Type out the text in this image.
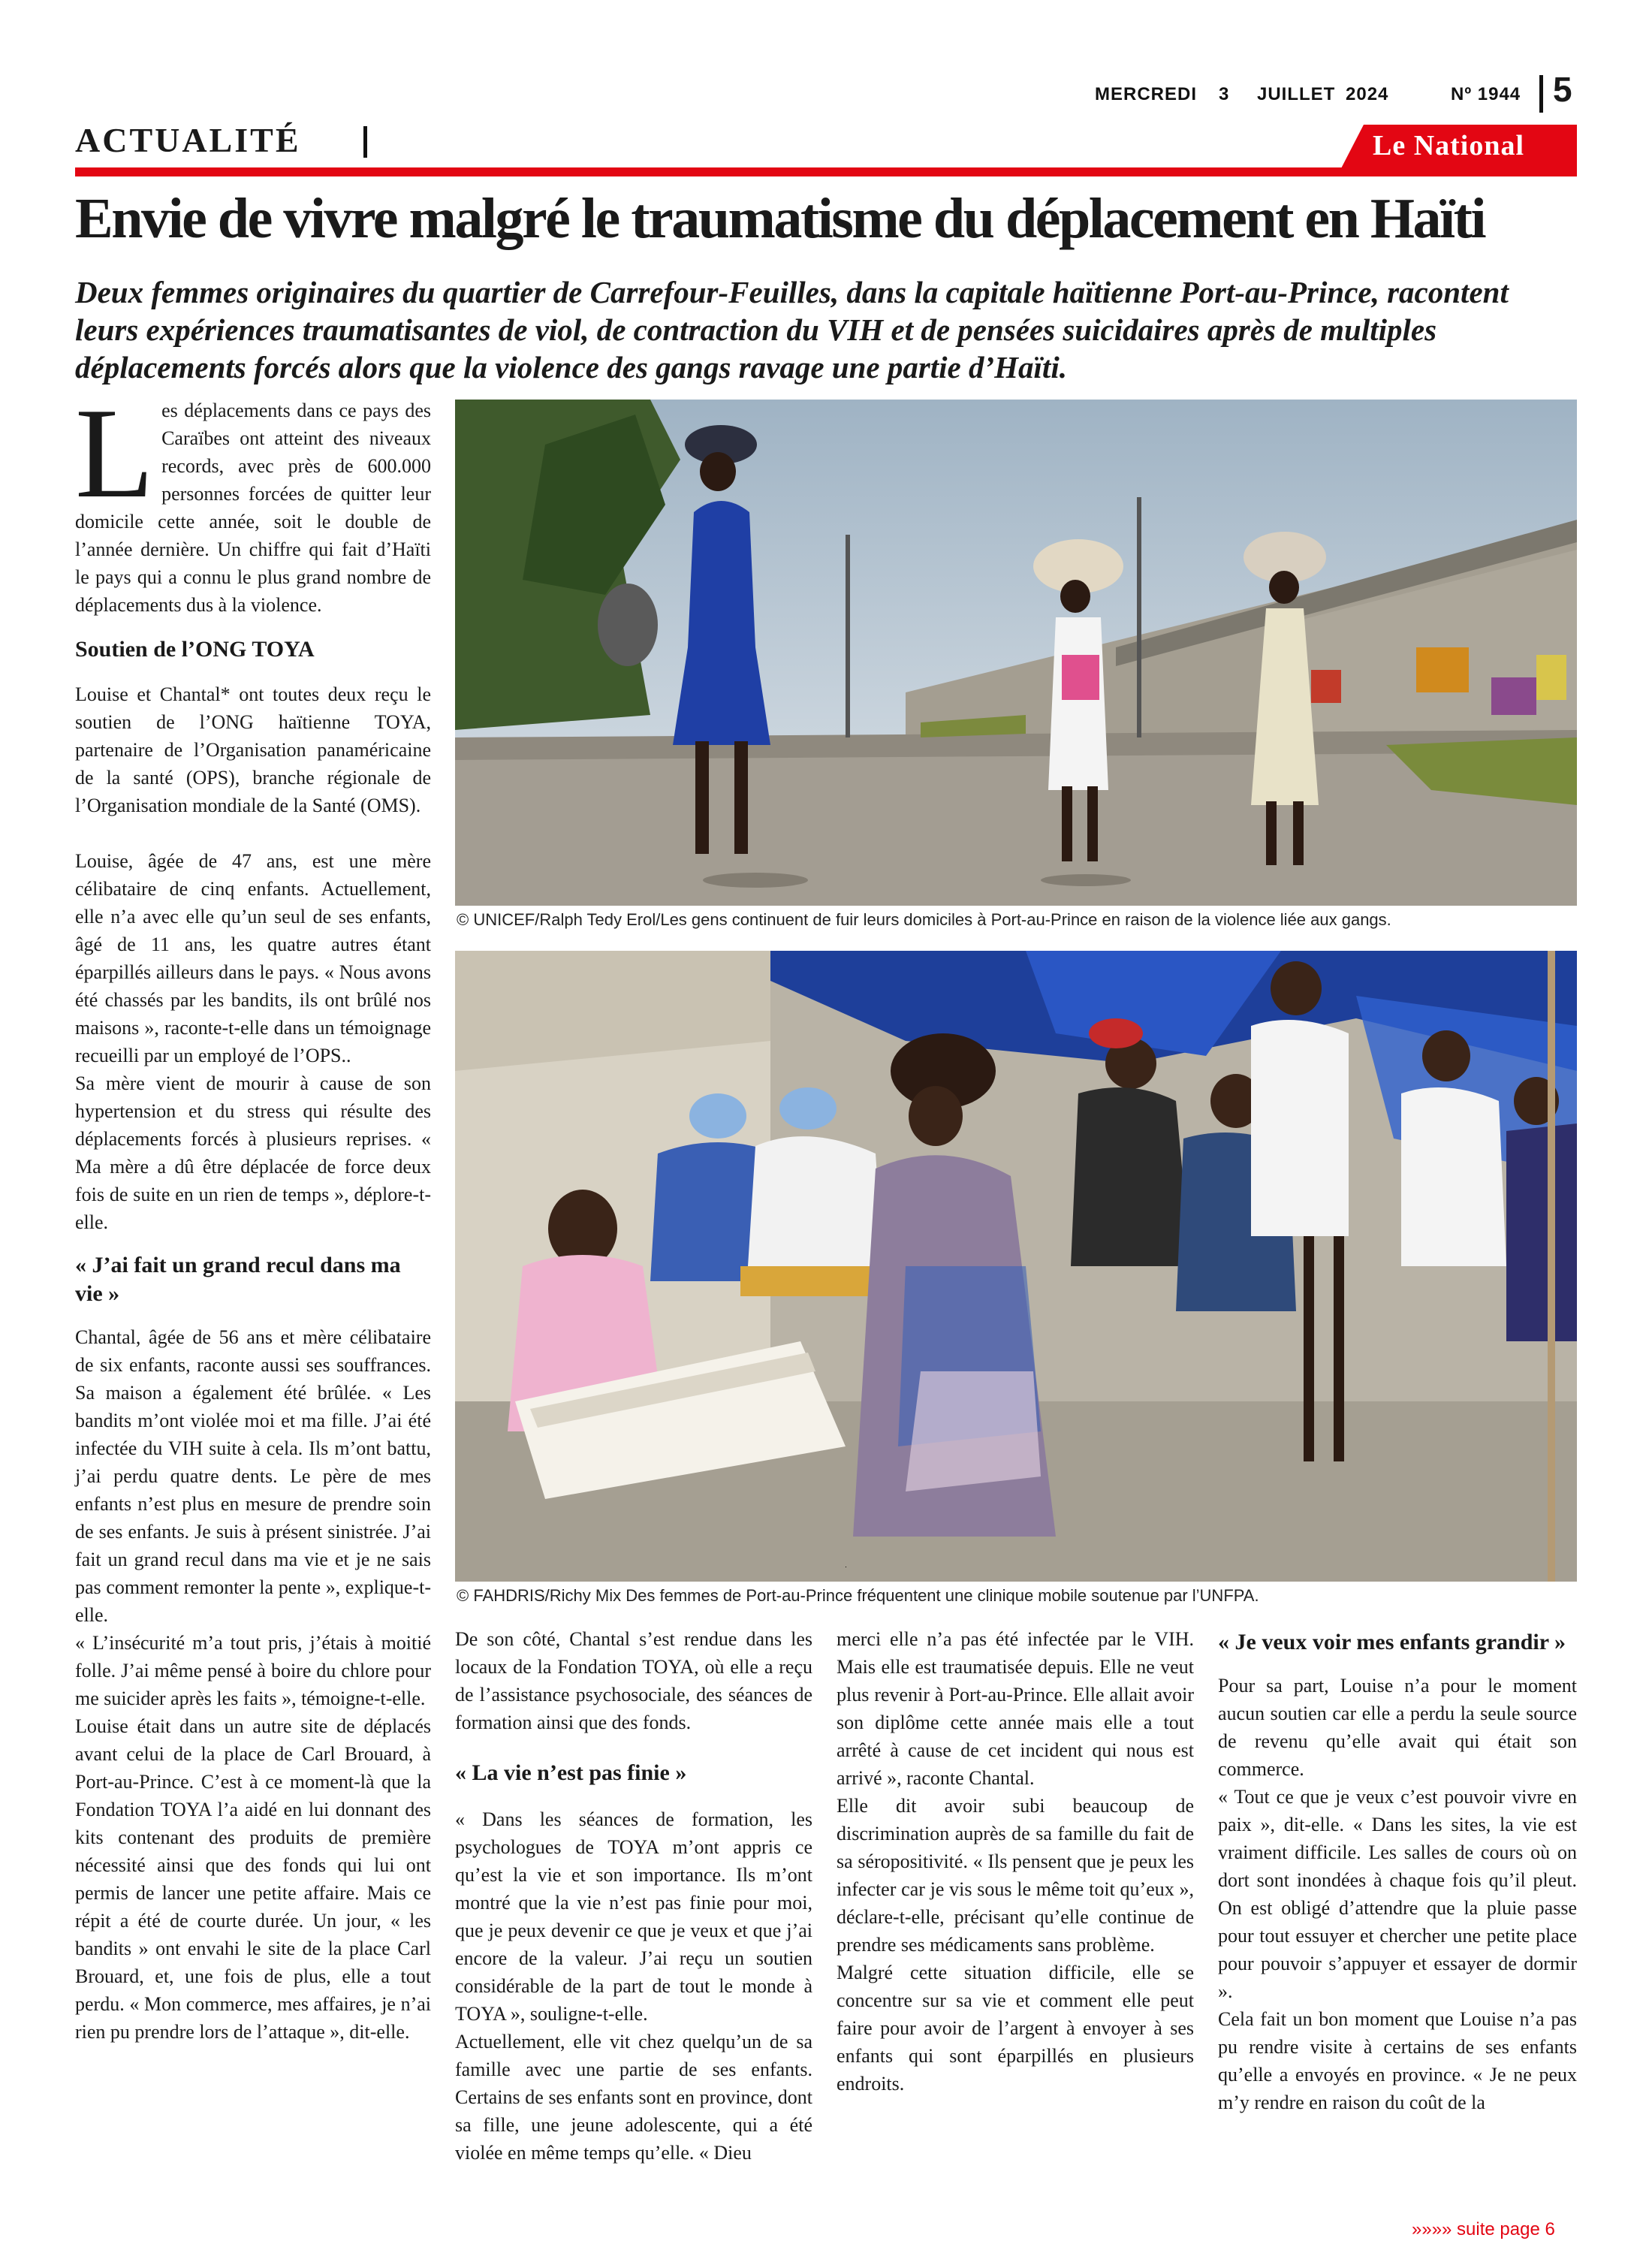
MERCREDI 3 JUILLET 2024	Nº 1944 5
ACTUALITÉ	Le National
Envie de vivre malgré le traumatisme du déplacement en Haïti
Deux femmes originaires du quartier de Carrefour-Feuilles, dans la capitale haïtienne Port-au-Prince, racontent leurs expériences traumatisantes de viol, de contraction du VIH et de pensées suicidaires après de multiples déplacements forcés alors que la violence des gangs ravage une partie d’Haïti.
L es déplacements dans ce pays des Caraïbes ont atteint des niveaux records, avec près de 600.000 personnes forcées de quitter leur domicile cette année, soit le double de l’année dernière. Un chiffre qui fait d’Haïti le pays qui a connu le plus grand nombre de déplacements dus à la violence.

Soutien de l’ONG TOYA

Louise et Chantal* ont toutes deux reçu le soutien de l’ONG haïtienne TOYA, partenaire de l’Organisation panaméricaine de la santé (OPS), branche régionale de l’Organisation mondiale de la Santé (OMS).

Louise, âgée de 47 ans, est une mère célibataire de cinq enfants. Actuellement, elle n’a avec elle qu’un seul de ses enfants, âgé de 11 ans, les quatre autres étant éparpillés ailleurs dans le pays. « Nous avons été chassés par les bandits, ils ont brûlé nos maisons », raconte-t-elle dans un témoignage recueilli par un employé de l’OPS..

Sa mère vient de mourir à cause de son hypertension et du stress qui résulte des déplacements forcés à plusieurs reprises. « Ma mère a dû être déplacée de force deux fois de suite en un rien de temps », déplore-t-elle.

« J’ai fait un grand recul dans ma vie »

Chantal, âgée de 56 ans et mère célibataire de six enfants, raconte aussi ses souffrances. Sa maison a également été brûlée. « Les bandits m’ont violée moi et ma fille. J’ai été infectée du VIH suite à cela. Ils m’ont battu, j’ai perdu quatre dents. Le père de mes enfants n’est plus en mesure de prendre soin de ses enfants. Je suis à présent sinistrée. J’ai fait un grand recul dans ma vie et je ne sais pas comment remonter la pente », explique-t-elle.

« L’insécurité m’a tout pris, j’étais à moitié folle. J’ai même pensé à boire du chlore pour me suicider après les faits », témoigne-t-elle.

Louise était dans un autre site de déplacés avant celui de la place de Carl Brouard, à Port-au-Prince. C’est à ce moment-là que la Fondation TOYA l’a aidé en lui donnant des kits contenant des produits de première nécessité ainsi que des fonds qui lui ont permis de lancer une petite affaire. Mais ce répit a été de courte durée. Un jour, « les bandits » ont envahi le site de la place Carl Brouard, et, une fois de plus, elle a tout perdu. « Mon commerce, mes affaires, je n’ai rien pu prendre lors de l’attaque », dit-elle.

© UNICEF/Ralph Tedy Erol/Les gens continuent de fuir leurs domiciles à Port-au-Prince en raison de la violence liée aux gangs.
© FAHDRIS/Richy Mix Des femmes de Port-au-Prince fréquentent une clinique mobile soutenue par l’UNFPA.

De son côté, Chantal s’est rendue dans les locaux de la Fondation TOYA, où elle a reçu de l’assistance psychosociale, des séances de formation ainsi que des fonds.

« La vie n’est pas finie »

« Dans les séances de formation, les psychologues de TOYA m’ont appris ce qu’est la vie et son importance. Ils m’ont montré que la vie n’est pas finie pour moi, que je peux devenir ce que je veux et que j’ai encore de la valeur. J’ai reçu un soutien considérable de la part de tout le monde à TOYA », souligne-t-elle.

Actuellement, elle vit chez quelqu’un de sa famille avec une partie de ses enfants. Certains de ses enfants sont en province, dont sa fille, une jeune adolescente, qui a été violée en même temps qu’elle. « Dieu

merci elle n’a pas été infectée par le VIH. Mais elle est traumatisée depuis. Elle ne veut plus revenir à Port-au-Prince. Elle allait avoir son diplôme cette année mais elle a tout arrêté à cause de cet incident qui nous est arrivé », raconte Chantal.

Elle dit avoir subi beaucoup de discrimination auprès de sa famille du fait de sa séropositivité. « Ils pensent que je peux les infecter car je vis sous le même toit qu’eux », déclare-t-elle, précisant qu’elle continue de prendre ses médicaments sans problème.

Malgré cette situation difficile, elle se concentre sur sa vie et comment elle peut faire pour avoir de l’argent à envoyer à ses enfants qui sont éparpillés en plusieurs endroits.

« Je veux voir mes enfants grandir »

Pour sa part, Louise n’a pour le moment aucun soutien car elle a perdu la seule source de revenu qu’elle avait qui était son commerce.

« Tout ce que je veux c’est pouvoir vivre en paix », dit-elle. « Dans les sites, la vie est vraiment difficile. Les salles de cours où on dort sont inondées à chaque fois qu’il pleut. On est obligé d’attendre que la pluie passe pour tout essuyer et chercher une petite place pour pouvoir s’appuyer et essayer de dormir ».

Cela fait un bon moment que Louise n’a pas pu rendre visite à certains de ses enfants qu’elle a envoyés en province. « Je ne peux m’y rendre en raison du coût de la

»»»» suite page 6
